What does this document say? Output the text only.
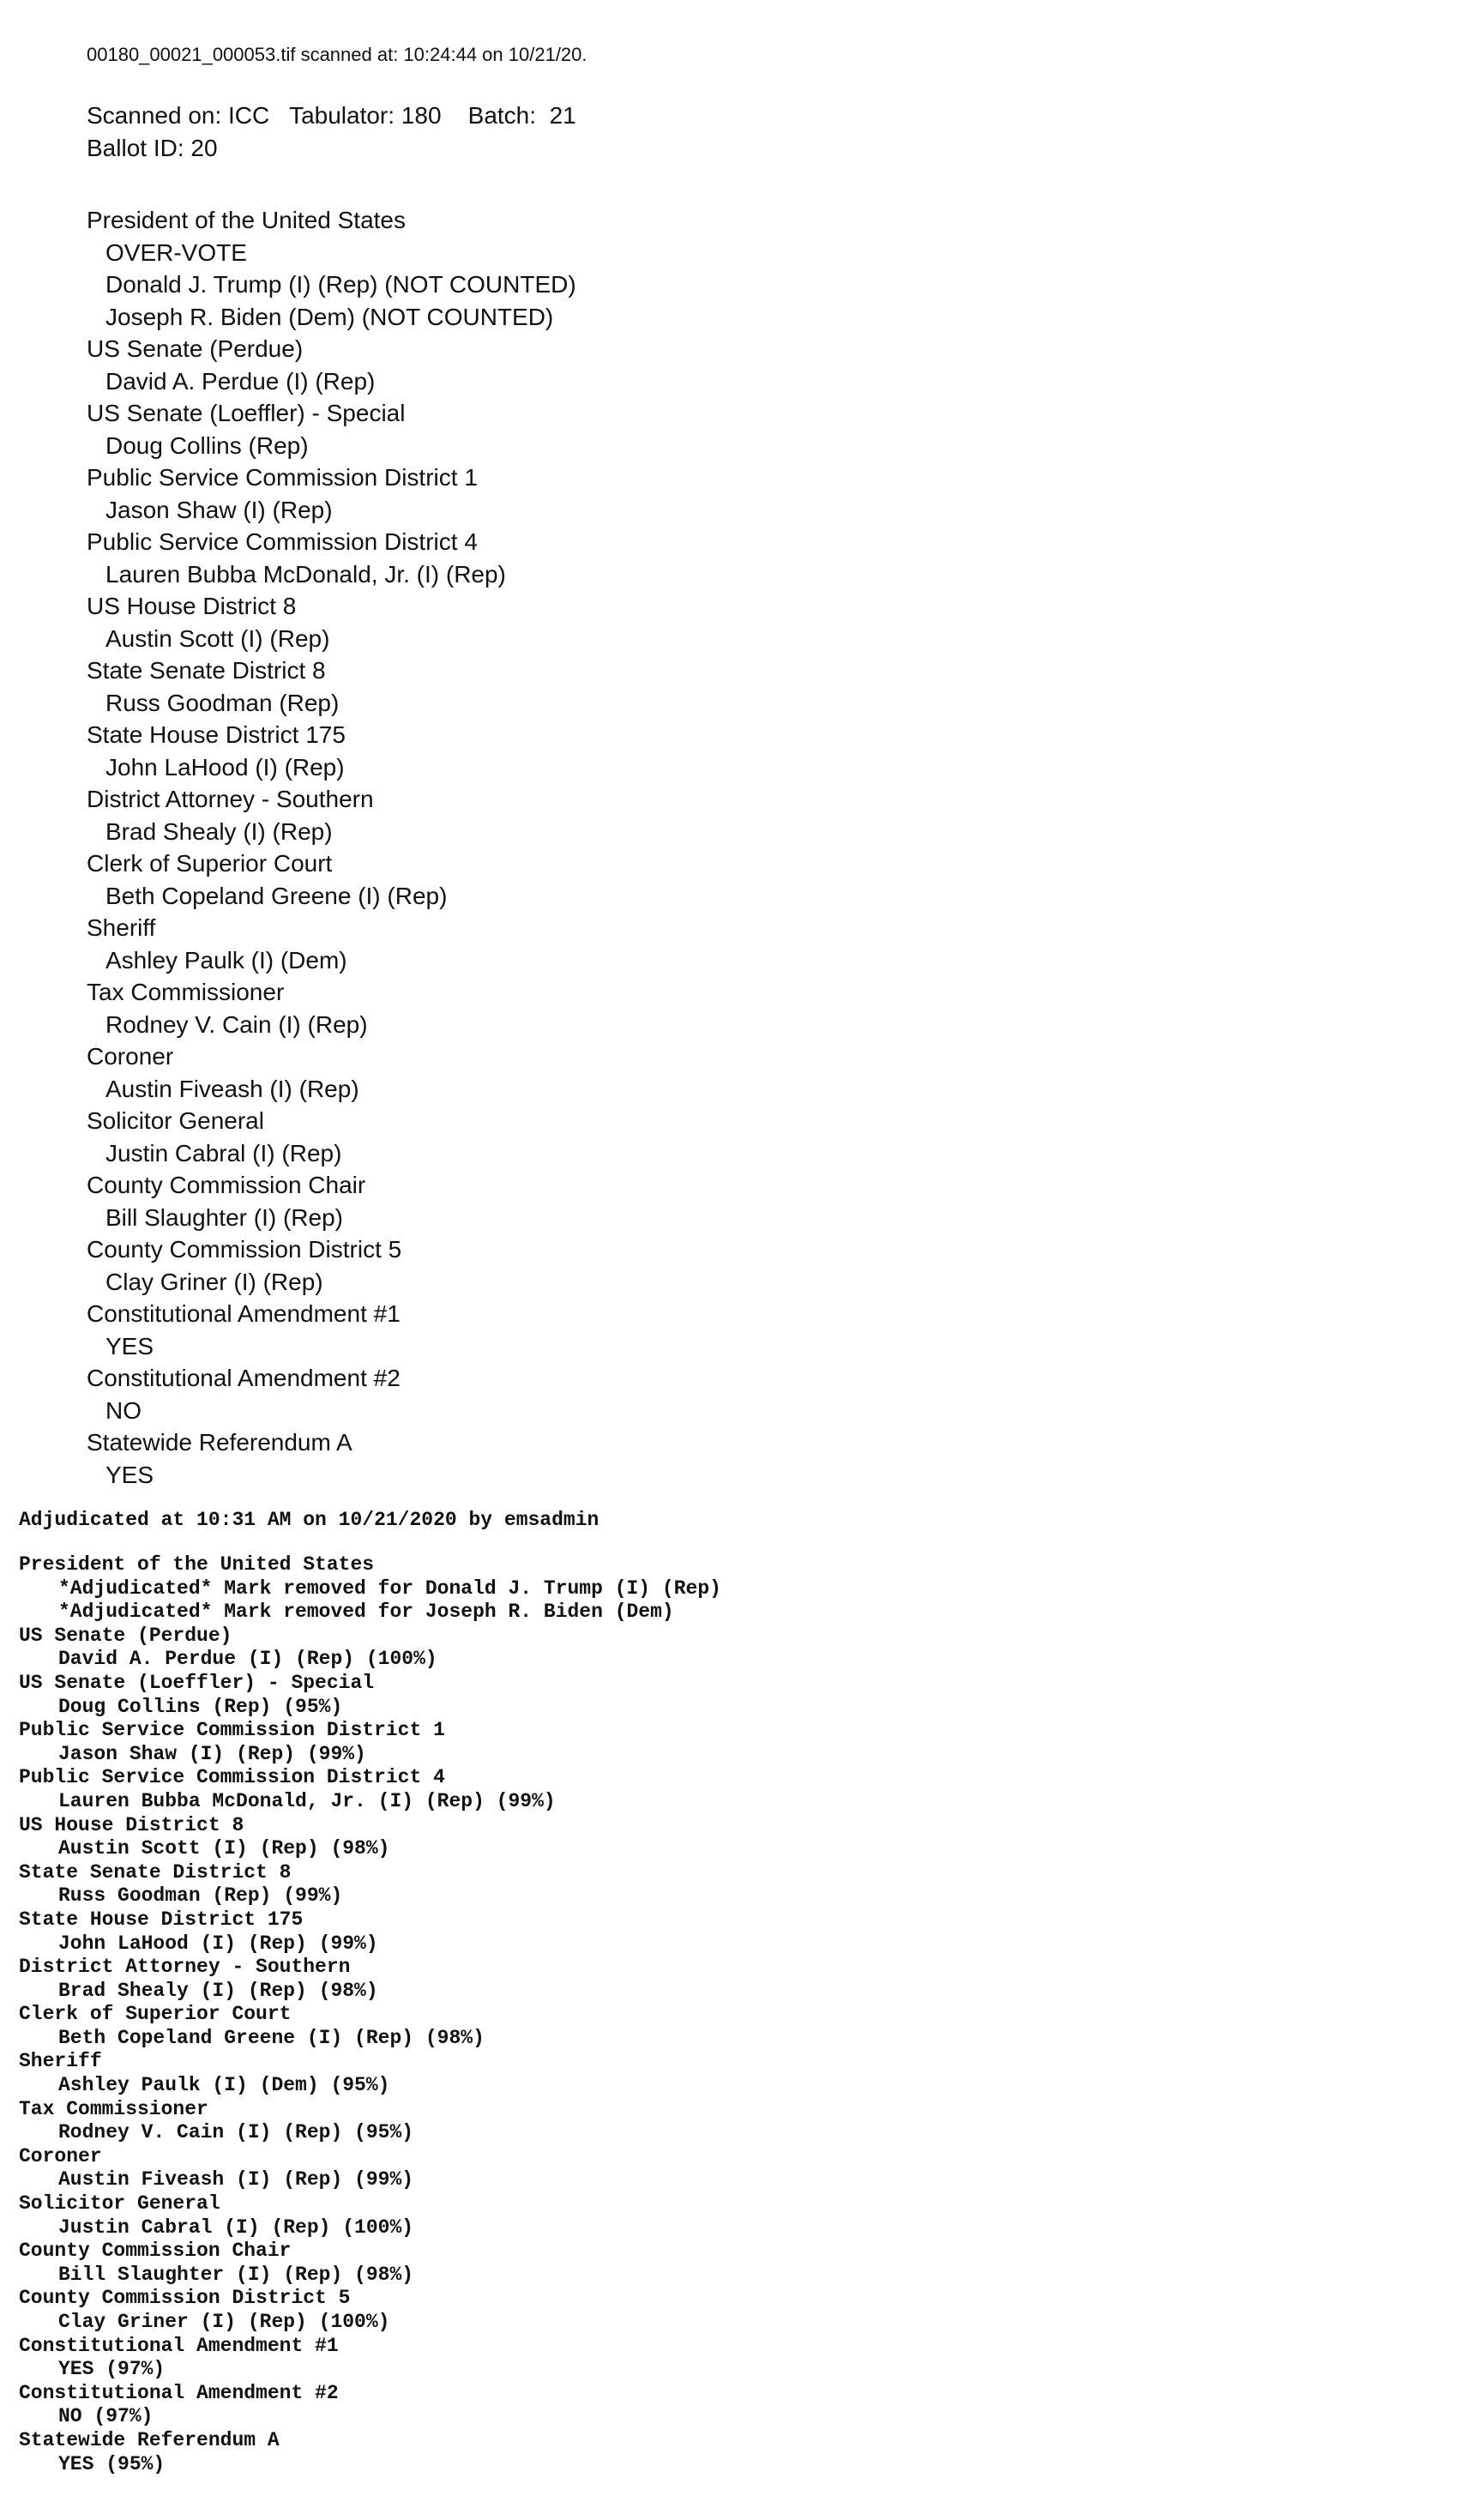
00180_00021_000053.tif scanned at: 10:24:44 on 10/21/20.
Scanned on: ICC   Tabulator: 180    Batch:  21
Ballot ID: 20
President of the United States
OVER-VOTE
Donald J. Trump (I) (Rep) (NOT COUNTED)
Joseph R. Biden (Dem) (NOT COUNTED)
US Senate (Perdue)
David A. Perdue (I) (Rep)
US Senate (Loeffler) - Special
Doug Collins (Rep)
Public Service Commission District 1
Jason Shaw (I) (Rep)
Public Service Commission District 4
Lauren Bubba McDonald, Jr. (I) (Rep)
US House District 8
Austin Scott (I) (Rep)
State Senate District 8
Russ Goodman (Rep)
State House District 175
John LaHood (I) (Rep)
District Attorney - Southern
Brad Shealy (I) (Rep)
Clerk of Superior Court
Beth Copeland Greene (I) (Rep)
Sheriff
Ashley Paulk (I) (Dem)
Tax Commissioner
Rodney V. Cain (I) (Rep)
Coroner
Austin Fiveash (I) (Rep)
Solicitor General
Justin Cabral (I) (Rep)
County Commission Chair
Bill Slaughter (I) (Rep)
County Commission District 5
Clay Griner (I) (Rep)
Constitutional Amendment #1
YES
Constitutional Amendment #2
NO
Statewide Referendum A
YES
Adjudicated at 10:31 AM on 10/21/2020 by emsadmin
President of the United States
*Adjudicated* Mark removed for Donald J. Trump (I) (Rep)
*Adjudicated* Mark removed for Joseph R. Biden (Dem)
US Senate (Perdue)
David A. Perdue (I) (Rep) (100%)
US Senate (Loeffler) - Special
Doug Collins (Rep) (95%)
Public Service Commission District 1
Jason Shaw (I) (Rep) (99%)
Public Service Commission District 4
Lauren Bubba McDonald, Jr. (I) (Rep) (99%)
US House District 8
Austin Scott (I) (Rep) (98%)
State Senate District 8
Russ Goodman (Rep) (99%)
State House District 175
John LaHood (I) (Rep) (99%)
District Attorney - Southern
Brad Shealy (I) (Rep) (98%)
Clerk of Superior Court
Beth Copeland Greene (I) (Rep) (98%)
Sheriff
Ashley Paulk (I) (Dem) (95%)
Tax Commissioner
Rodney V. Cain (I) (Rep) (95%)
Coroner
Austin Fiveash (I) (Rep) (99%)
Solicitor General
Justin Cabral (I) (Rep) (100%)
County Commission Chair
Bill Slaughter (I) (Rep) (98%)
County Commission District 5
Clay Griner (I) (Rep) (100%)
Constitutional Amendment #1
YES (97%)
Constitutional Amendment #2
NO (97%)
Statewide Referendum A
YES (95%)
